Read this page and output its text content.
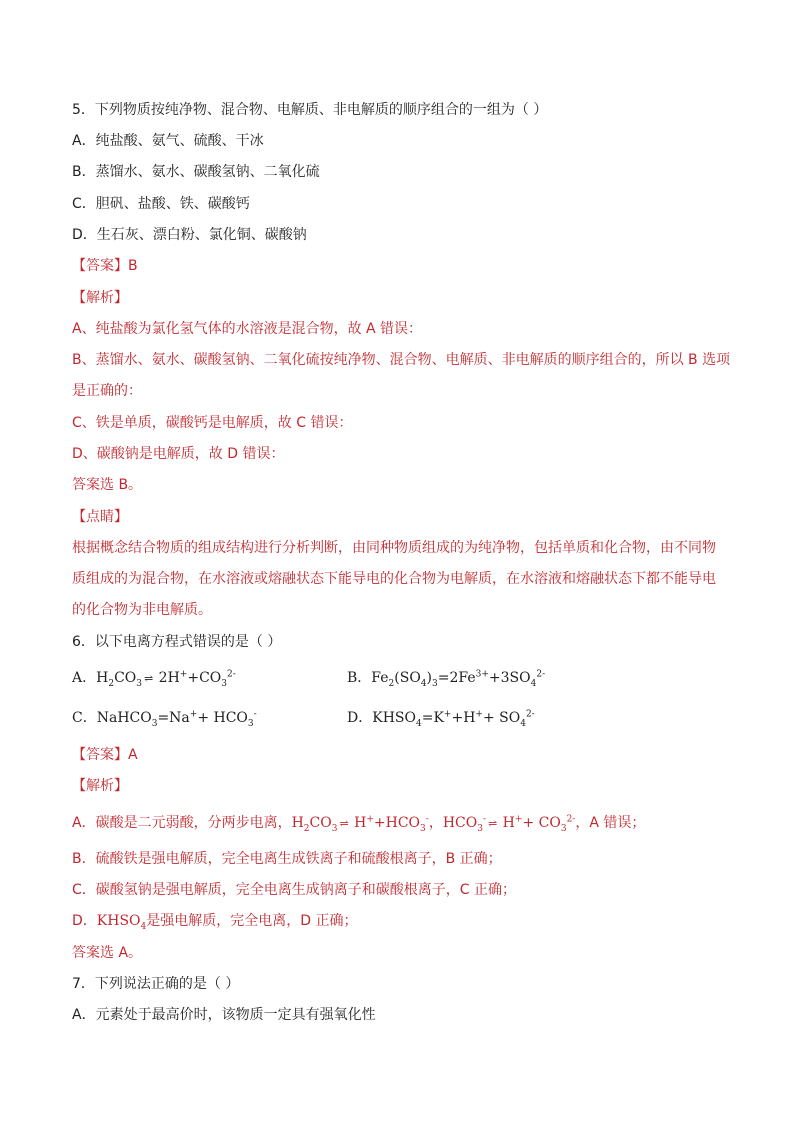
5．下列物质按纯净物、混合物、电解质、非电解质的顺序组合的一组为（ ）
A．纯盐酸、氨气、硫酸、干冰
B．蒸馏水、氨水、碳酸氢钠、二氧化硫
C．胆矾、盐酸、铁、碳酸钙
D．生石灰、漂白粉、氯化铜、碳酸钠
【答案】B
【解析】
A、纯盐酸为氯化氢气体的水溶液是混合物，故 A 错误：
B、蒸馏水、氨水、碳酸氢钠、二氧化硫按纯净物、混合物、电解质、非电解质的顺序组合的，所以 B 选项
是正确的：
C、铁是单质，碳酸钙是电解质，故 C 错误：
D、碳酸钠是电解质，故 D 错误：
答案选 B。
【点睛】
根据概念结合物质的组成结构进行分析判断，由同种物质组成的为纯净物，包括单质和化合物，由不同物
质组成的为混合物，在水溶液或熔融状态下能导电的化合物为电解质，在水溶液和熔融状态下都不能导电
的化合物为非电解质。
6．以下电离方程式错误的是（ ）
A．$H_2CO_3$ ⇌ $2H^++CO_3^{2-}$	B．$Fe_2(SO_4)_3=2Fe^{3+}+3SO_4^{2-}$
C．NaHCO$_3$=Na++ $HCO_3^-$	D．$KHSO_4=K^++H^++ SO_4^{2-}$
【答案】A
【解析】
A．碳酸是二元弱酸，分两步电离，$H_2CO_3$ ⇌ $H^++HCO_3^-$，$HCO_3^-$ ⇌ $H^++ CO_3^{2-}$，A 错误；
B．硫酸铁是强电解质，完全电离生成铁离子和硫酸根离子，B 正确；
C．碳酸氢钠是强电解质，完全电离生成钠离子和碳酸根离子，C 正确；
D．$KHSO_4$是强电解质，完全电离，D 正确；
答案选 A。
7．下列说法正确的是（ ）
A．元素处于最高价时，该物质一定具有强氧化性
